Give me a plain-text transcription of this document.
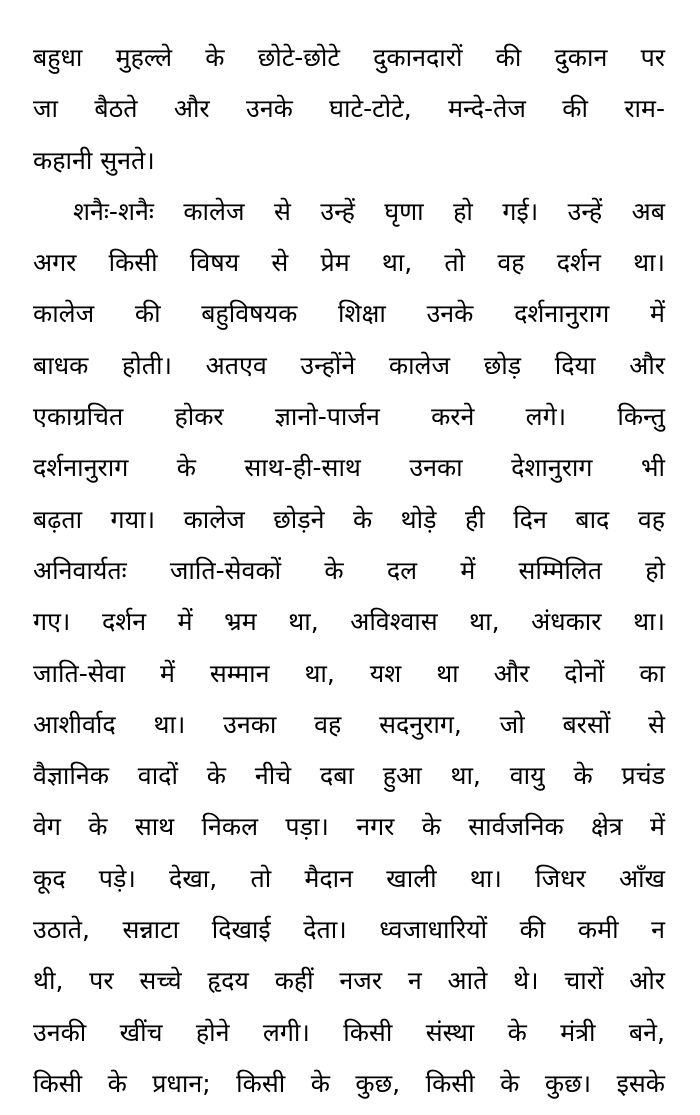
बहुधा मुहल्ले के छोटे-छोटे दुकानदारों की दुकान पर
जा बैठते और उनके घाटे-टोटे, मन्दे-तेज की राम-
कहानी सुनते।
शनैः-शनैः कालेज से उन्हें घृणा हो गई। उन्हें अब
अगर किसी विषय से प्रेम था, तो वह दर्शन था।
कालेज की बहुविषयक शिक्षा उनके दर्शनानुराग में
बाधक होती। अतएव उन्होंने कालेज छोड़ दिया और
एकाग्रचित होकर ज्ञानो-पार्जन करने लगे। किन्तु
दर्शनानुराग के साथ-ही-साथ उनका देशानुराग भी
बढ़ता गया। कालेज छोड़ने के थोड़े ही दिन बाद वह
अनिवार्यतः जाति-सेवकों के दल में सम्मिलित हो
गए। दर्शन में भ्रम था, अविश्वास था, अंधकार था।
जाति-सेवा में सम्मान था, यश था और दोनों का
आशीर्वाद था। उनका वह सदनुराग, जो बरसों से
वैज्ञानिक वादों के नीचे दबा हुआ था, वायु के प्रचंड
वेग के साथ निकल पड़ा। नगर के सार्वजनिक क्षेत्र में
कूद पड़े। देखा, तो मैदान खाली था। जिधर आँख
उठाते, सन्नाटा दिखाई देता। ध्वजाधारियों की कमी न
थी, पर सच्चे हृदय कहीं नजर न आते थे। चारों ओर
उनकी खींच होने लगी। किसी संस्था के मंत्री बने,
किसी के प्रधान; किसी के कुछ, किसी के कुछ। इसके
